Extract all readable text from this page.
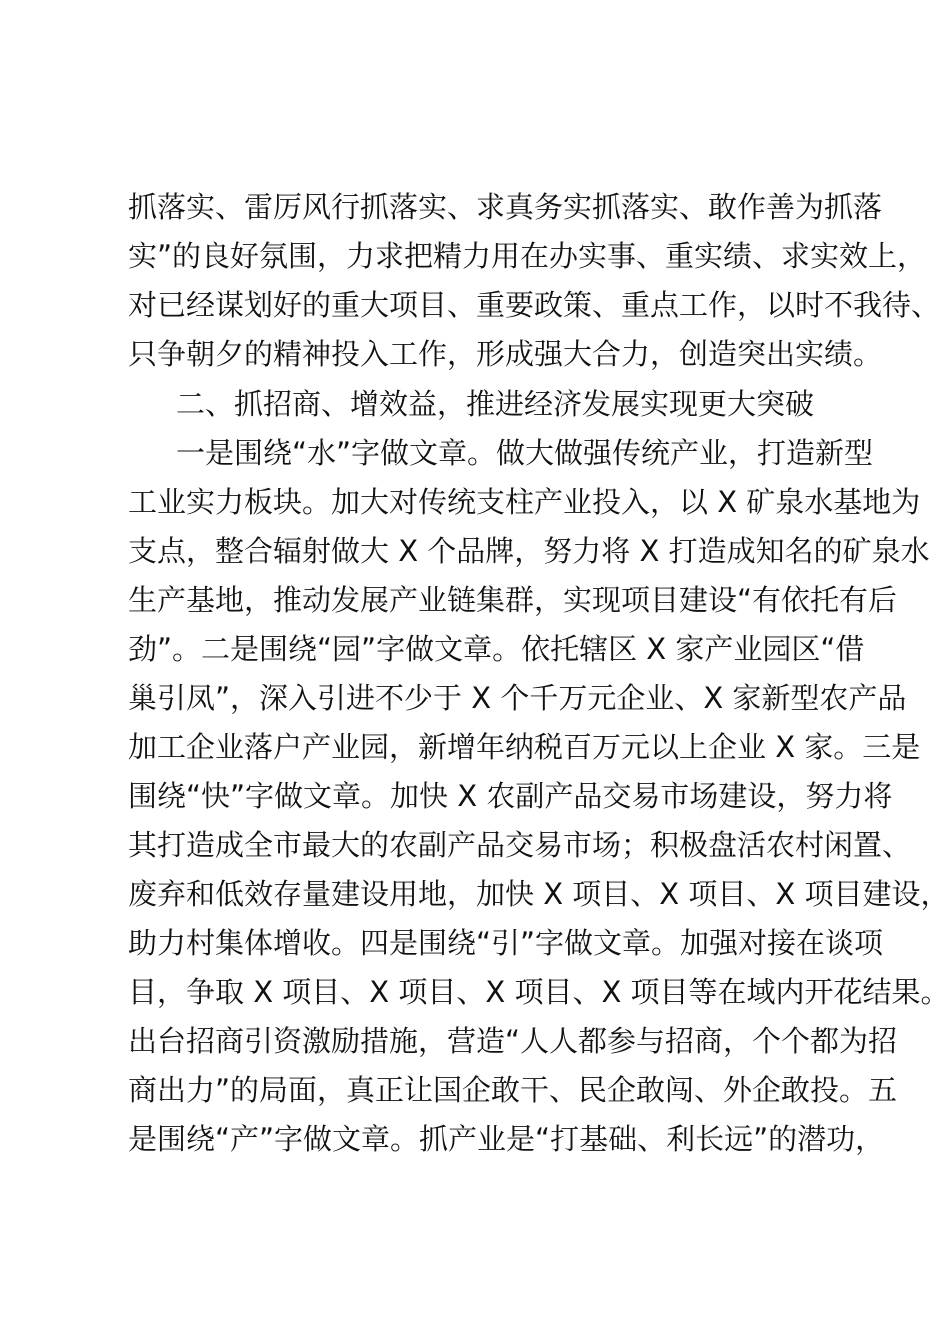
抓落实、雷厉风行抓落实、求真务实抓落实、敢作善为抓落
实”的良好氛围，力求把精力用在办实事、重实绩、求实效上，
对已经谋划好的重大项目、重要政策、重点工作，以时不我待、
只争朝夕的精神投入工作，形成强大合力，创造突出实绩。
二、抓招商、增效益，推进经济发展实现更大突破
一是围绕“水”字做文章。做大做强传统产业，打造新型
工业实力板块。加大对传统支柱产业投入，以 X 矿泉水基地为
支点，整合辐射做大 X 个品牌，努力将 X 打造成知名的矿泉水
生产基地，推动发展产业链集群，实现项目建设“有依托有后
劲”。二是围绕“园”字做文章。依托辖区 X 家产业园区“借
巢引凤”，深入引进不少于 X 个千万元企业、X 家新型农产品
加工企业落户产业园，新增年纳税百万元以上企业 X 家。三是
围绕“快”字做文章。加快 X 农副产品交易市场建设，努力将
其打造成全市最大的农副产品交易市场；积极盘活农村闲置、
废弃和低效存量建设用地，加快 X 项目、X 项目、X 项目建设，
助力村集体增收。四是围绕“引”字做文章。加强对接在谈项
目，争取 X 项目、X 项目、X 项目、X 项目等在域内开花结果。
出台招商引资激励措施，营造“人人都参与招商，个个都为招
商出力”的局面，真正让国企敢干、民企敢闯、外企敢投。五
是围绕“产”字做文章。抓产业是“打基础、利长远”的潜功，
